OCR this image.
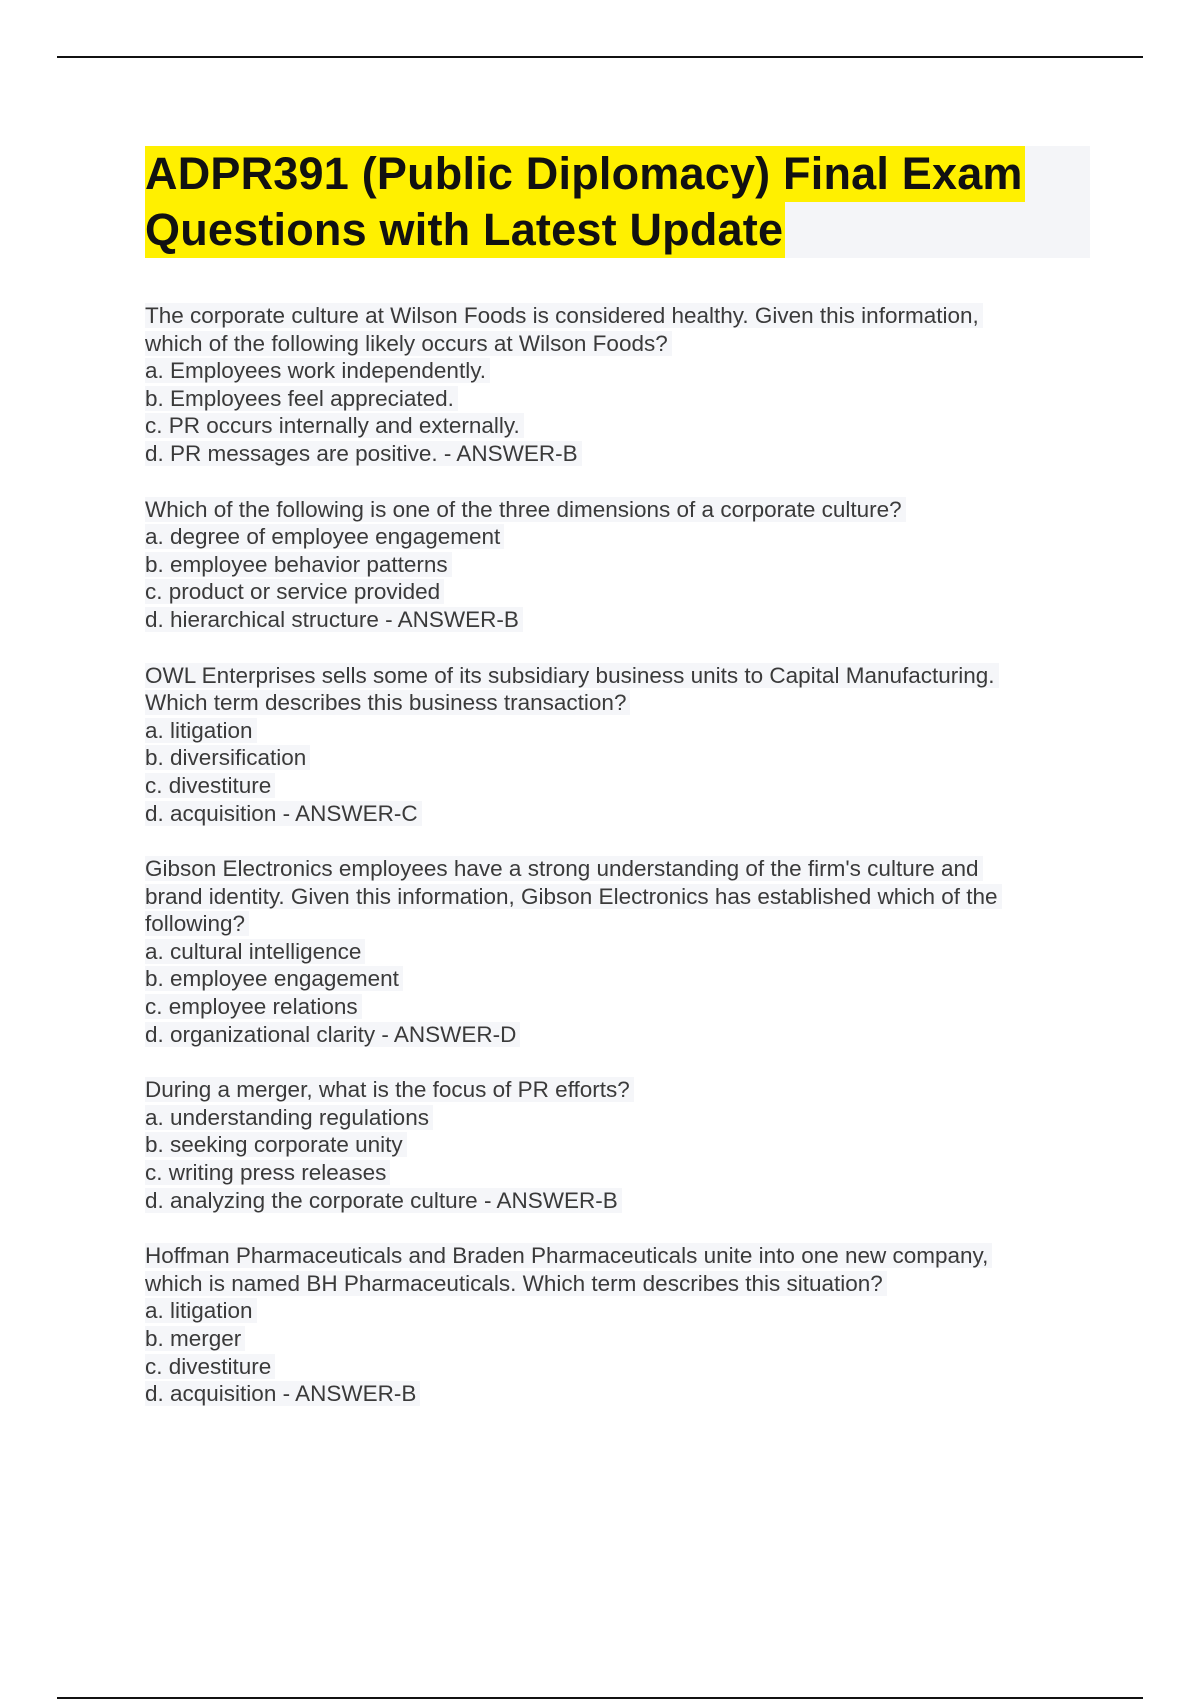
ADPR391 (Public Diplomacy) Final Exam
Questions with Latest Update
The corporate culture at Wilson Foods is considered healthy. Given this information,
which of the following likely occurs at Wilson Foods?
a. Employees work independently.
b. Employees feel appreciated.
c. PR occurs internally and externally.
d. PR messages are positive. - ANSWER-B
Which of the following is one of the three dimensions of a corporate culture?
a. degree of employee engagement
b. employee behavior patterns
c. product or service provided
d. hierarchical structure - ANSWER-B
OWL Enterprises sells some of its subsidiary business units to Capital Manufacturing.
Which term describes this business transaction?
a. litigation
b. diversification
c. divestiture
d. acquisition - ANSWER-C
Gibson Electronics employees have a strong understanding of the firm's culture and
brand identity. Given this information, Gibson Electronics has established which of the
following?
a. cultural intelligence
b. employee engagement
c. employee relations
d. organizational clarity - ANSWER-D
During a merger, what is the focus of PR efforts?
a. understanding regulations
b. seeking corporate unity
c. writing press releases
d. analyzing the corporate culture - ANSWER-B
Hoffman Pharmaceuticals and Braden Pharmaceuticals unite into one new company,
which is named BH Pharmaceuticals. Which term describes this situation?
a. litigation
b. merger
c. divestiture
d. acquisition - ANSWER-B
